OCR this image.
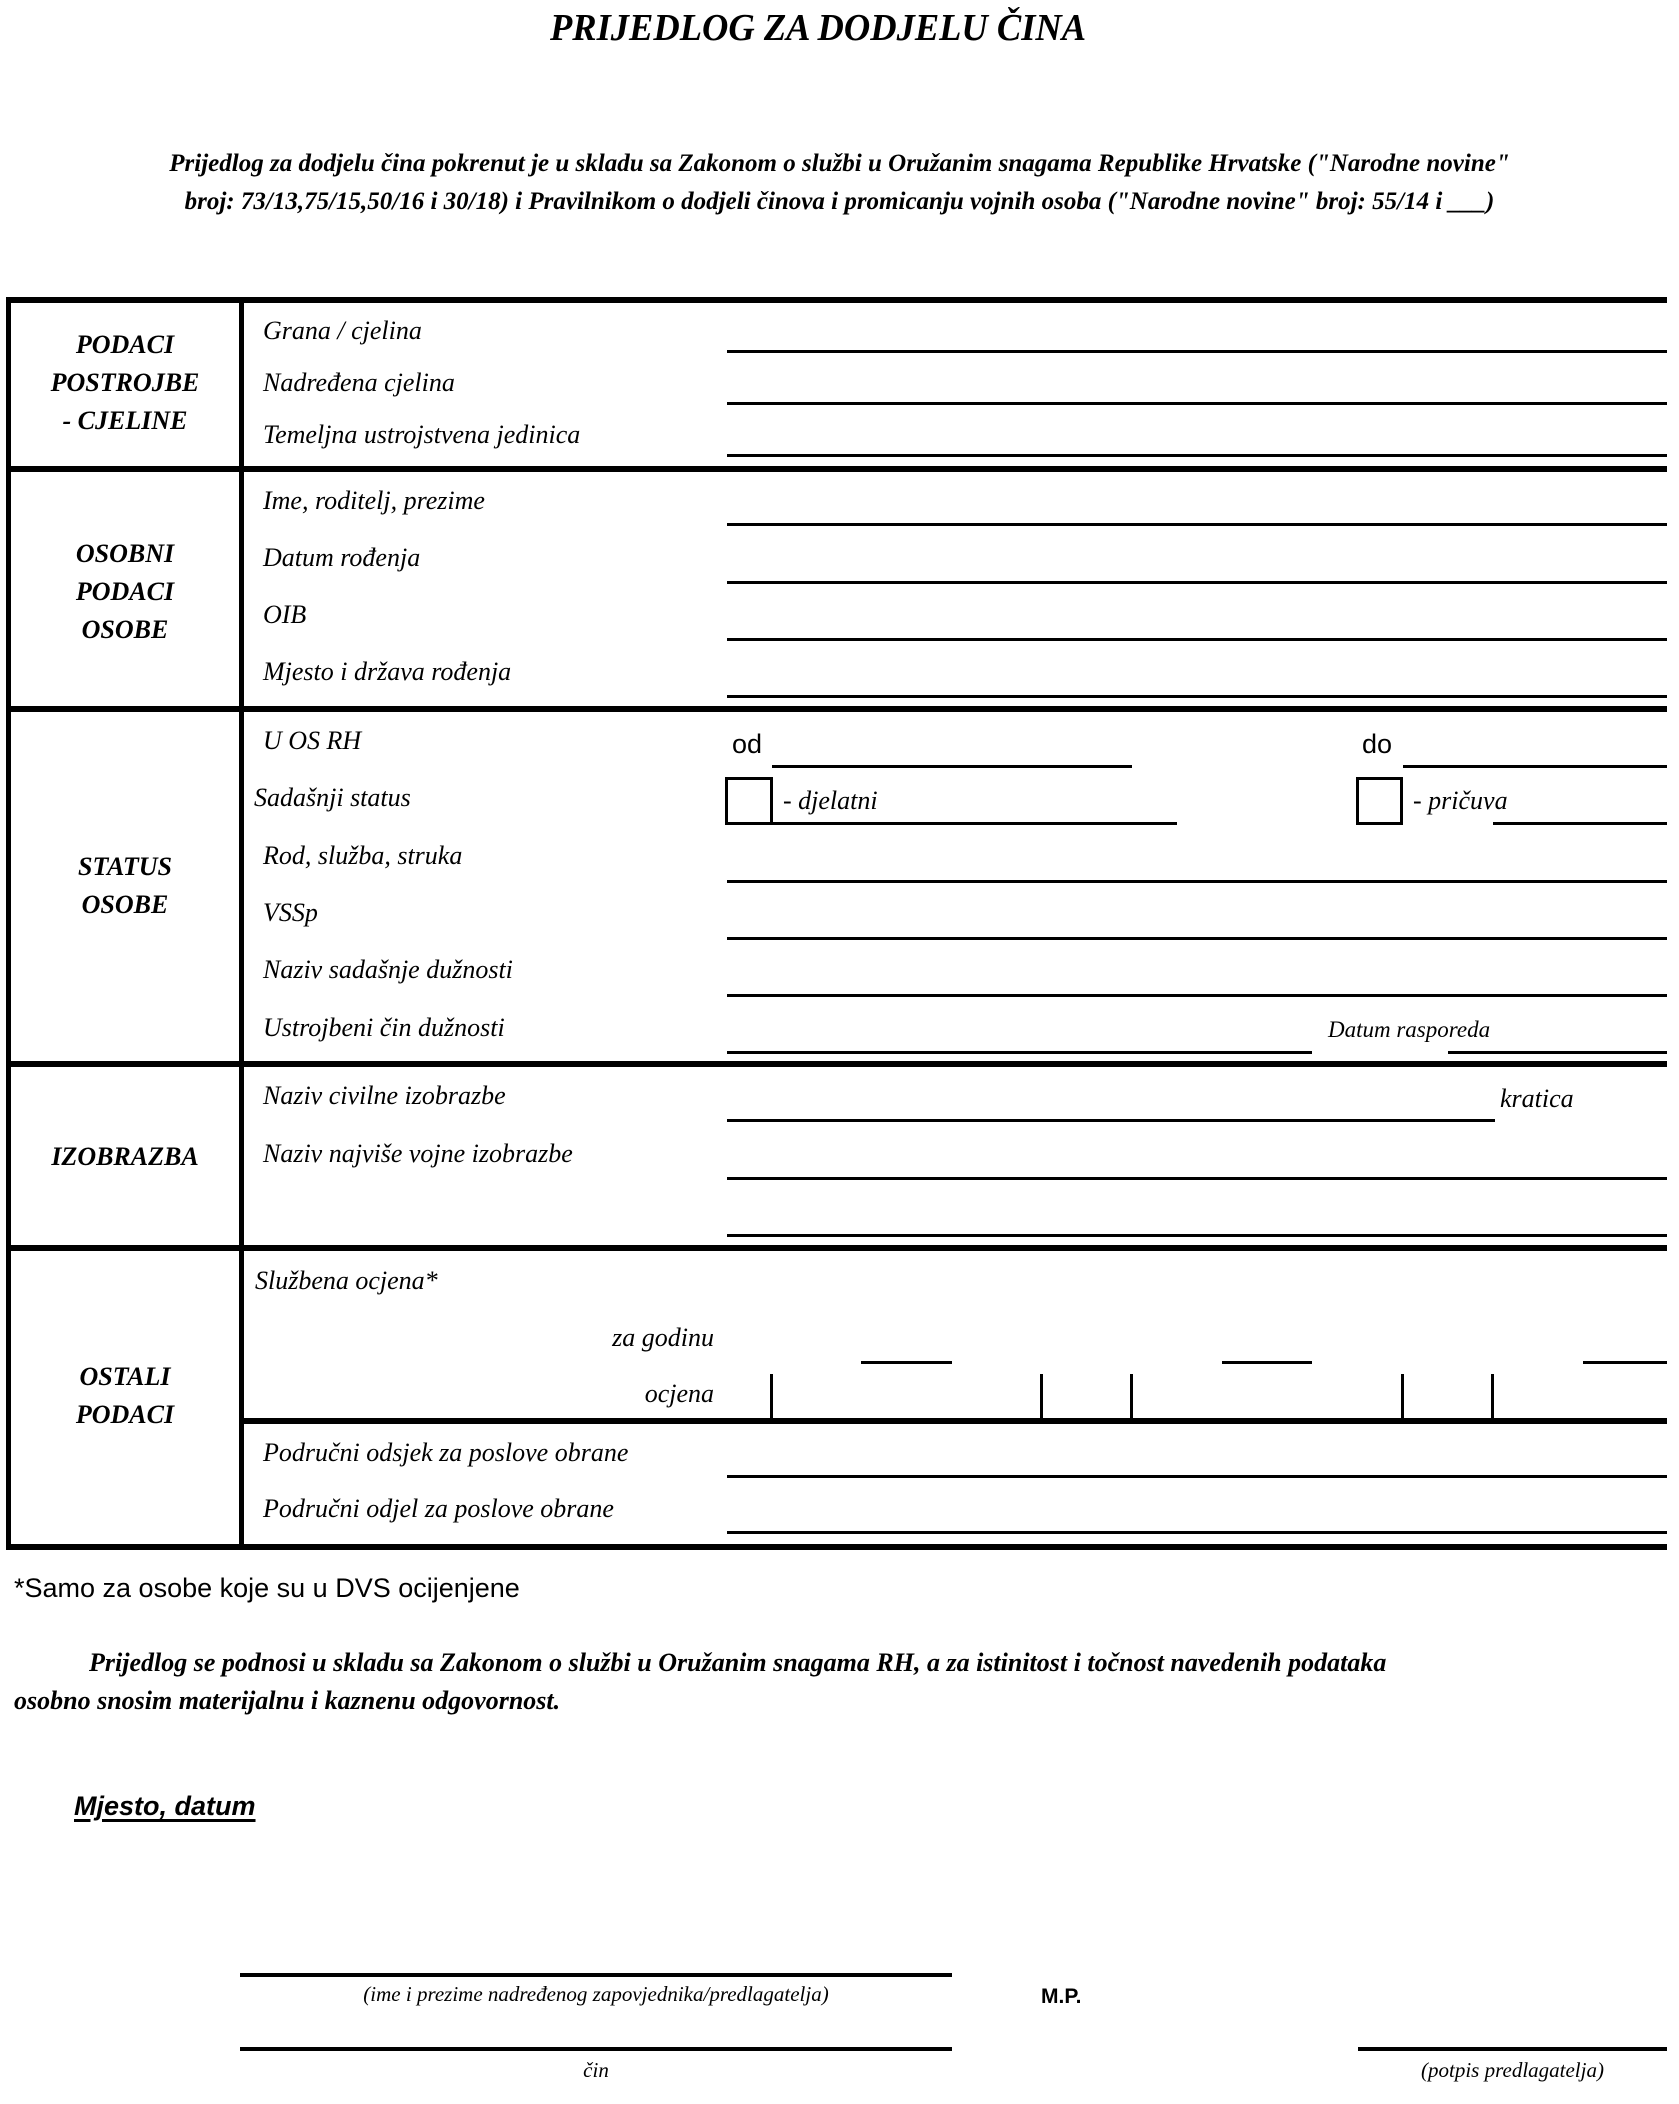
PRIJEDLOG ZA DODJELU ČINA
Prijedlog za dodjelu čina pokrenut je u skladu sa Zakonom o službi u Oružanim snagama Republike Hrvatske ("Narodne novine"
broj: 73/13,75/15,50/16 i 30/18) i Pravilnikom o dodjeli činova i promicanju vojnih osoba ("Narodne novine" broj: 55/14 i ___)
PODACI
POSTROJBE
- CJELINE
Grana / cjelina
Nadređena cjelina
Temeljna ustrojstvena jedinica
OSOBNI
PODACI
OSOBE
Ime, roditelj, prezime
Datum rođenja
OIB
Mjesto i država rođenja
STATUS
OSOBE
U OS RH	od	do
Sadašnji status	- djelatni	- pričuva
Rod, služba, struka
VSSp
Naziv sadašnje dužnosti
Ustrojbeni čin dužnosti	Datum rasporeda
IZOBRAZBA
Naziv civilne izobrazbe	kratica
Naziv najviše vojne izobrazbe
OSTALI
PODACI
Službena ocjena*
za godinu
ocjena
Područni odsjek za poslove obrane
Područni odjel za poslove obrane
*Samo za osobe koje su u DVS ocijenjene
Prijedlog se podnosi u skladu sa Zakonom o službi u Oružanim snagama RH, a za istinitost i točnost navedenih podataka
osobno snosim materijalnu i kaznenu odgovornost.
Mjesto, datum
(ime i prezime nadređenog zapovjednika/predlagatelja)	M.P.
čin	(potpis predlagatelja)
